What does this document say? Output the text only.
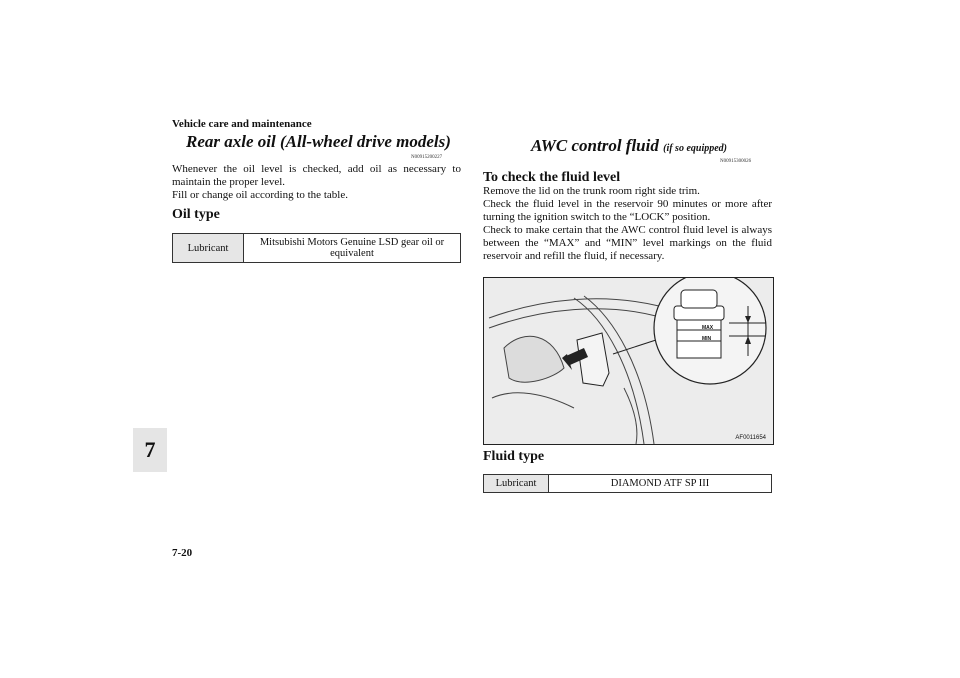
Vehicle care and maintenance
7
Rear axle oil (All-wheel drive models)
N00915200227

Whenever the oil level is checked, add oil as necessary to maintain the proper level.

Fill or change oil according to the table.

Oil type
Lubricant	Mitsubishi Motors Genuine LSD gear oil or equivalent
AWC control fluid (if so equipped)
N00915300026
To check the fluid level

Remove the lid on the trunk room right side trim.

Check the fluid level in the reservoir 90 minutes or more after turning the ignition switch to the “LOCK” position.

Check to make certain that the AWC control fluid level is always between the “MAX” and “MIN” level markings on the fluid reservoir and refill the fluid, if necessary.

MAX
MIN
AF0011654
Fluid type
Lubricant	DIAMOND ATF SP III
7-20
